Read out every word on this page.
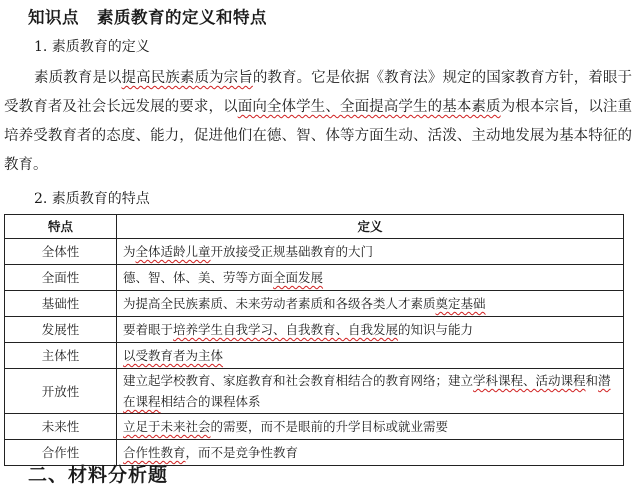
知识点 素质教育的定义和特点
1. 素质教育的定义

素质教育是以提高民族素质为宗旨的教育。它是依据《教育法》规定的国家教育方针，着眼于受教育者及社会长远发展的要求，以面向全体学生、全面提高学生的基本素质为根本宗旨，以注重培养受教育者的态度、能力，促进他们在德、智、体等方面生动、活泼、主动地发展为基本特征的教育。

2. 素质教育的特点
特点	定义
全体性	为全体适龄儿童开放接受正规基础教育的大门
全面性	德、智、体、美、劳等方面全面发展
基础性	为提高全民族素质、未来劳动者素质和各级各类人才素质奠定基础
发展性	要着眼于培养学生自我学习、自我教育、自我发展的知识与能力
主体性	以受教育者为主体
开放性	建立起学校教育、家庭教育和社会教育相结合的教育网络；建立学科课程、活动课程和潜在课程相结合的课程体系
未来性	立足于未来社会的需要，而不是眼前的升学目标或就业需要
合作性	合作性教育，而不是竞争性教育
二、材料分析题
